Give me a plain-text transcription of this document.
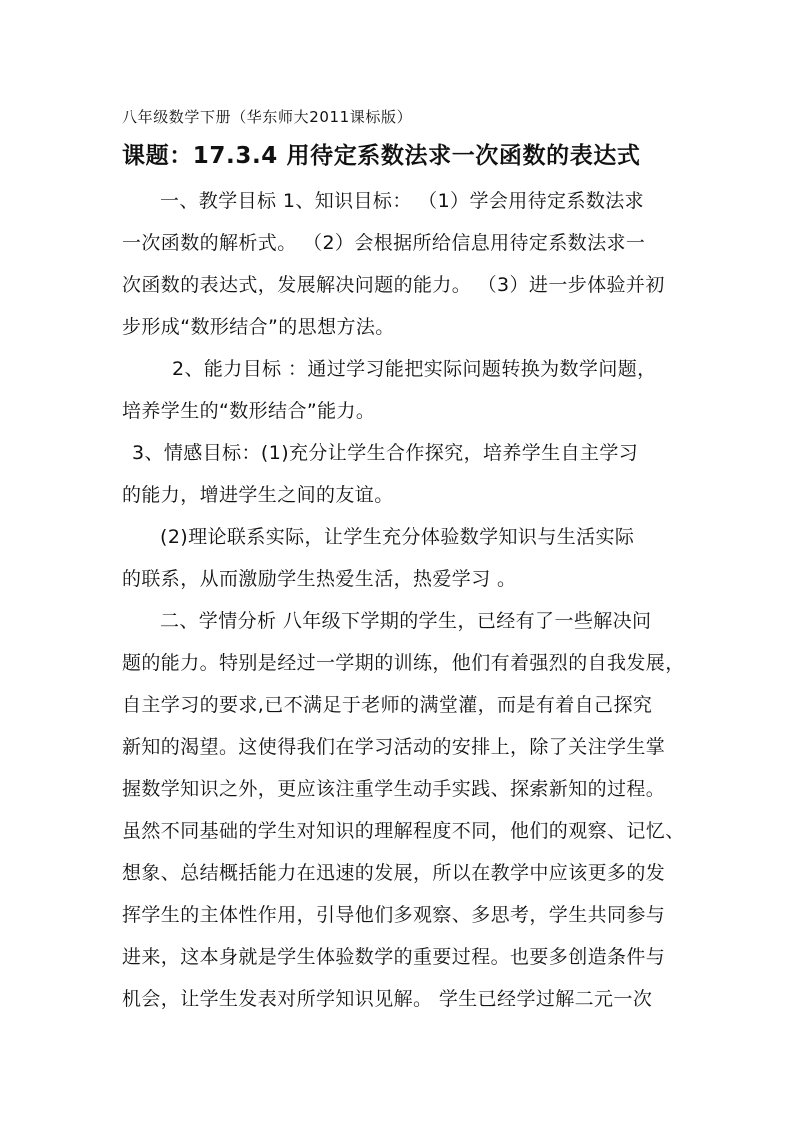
八年级数学下册（华东师大2011课标版）
课题：17.3.4 用待定系数法求一次函数的表达式
一、教学目标 1、知识目标： （1）学会用待定系数法求
一次函数的解析式。 （2）会根据所给信息用待定系数法求一
次函数的表达式，发展解决问题的能力。 （3）进一步体验并初
步形成“数形结合”的思想方法。
2、能力目标 ：通过学习能把实际问题转换为数学问题，
培养学生的“数形结合”能力。
3、情感目标：(1)充分让学生合作探究，培养学生自主学习
的能力，增进学生之间的友谊。
(2)理论联系实际，让学生充分体验数学知识与生活实际
的联系，从而激励学生热爱生活，热爱学习 。
二、学情分析 八年级下学期的学生，已经有了一些解决问
题的能力。特别是经过一学期的训练，他们有着强烈的自我发展，
自主学习的要求,已不满足于老师的满堂灌，而是有着自己探究
新知的渴望。这使得我们在学习活动的安排上，除了关注学生掌
握数学知识之外，更应该注重学生动手实践、探索新知的过程。
虽然不同基础的学生对知识的理解程度不同，他们的观察、记忆、
想象、总结概括能力在迅速的发展，所以在教学中应该更多的发
挥学生的主体性作用，引导他们多观察、多思考，学生共同参与
进来，这本身就是学生体验数学的重要过程。也要多创造条件与
机会，让学生发表对所学知识见解。 学生已经学过解二元一次
